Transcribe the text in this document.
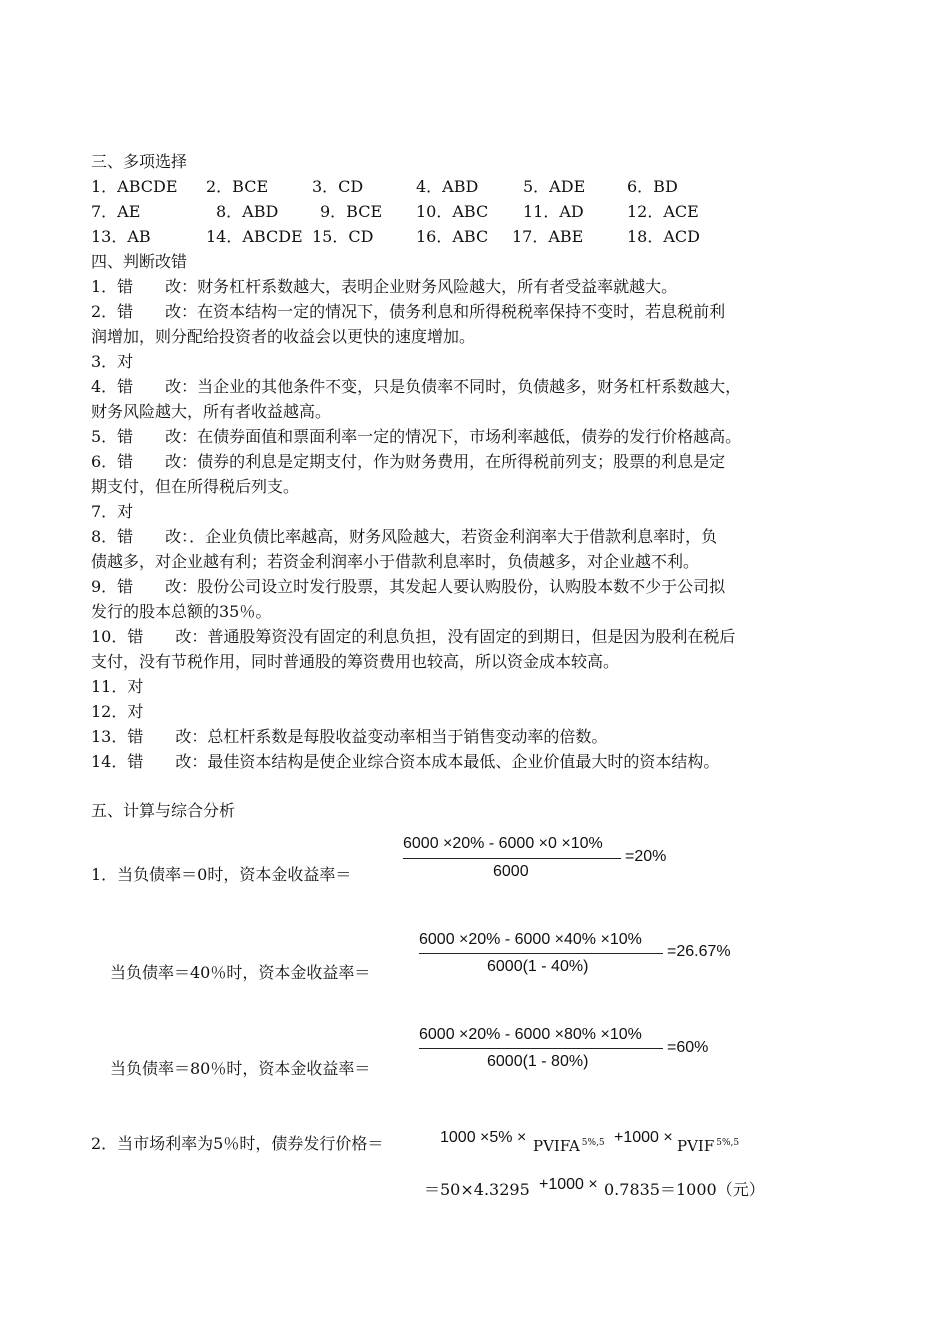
三、多项选择
1．ABCDE 2．BCE	3．CD	4．ABD	5．ADE	6．BD
7．AE	8．ABD	9．BCE 10．ABC 11．AD	12．ACE
13．AB	14．ABCDE 15．CD	16．ABC 17．ABE	18．ACD
四、判断改错
1．错　　改：财务杠杆系数越大，表明企业财务风险越大，所有者受益率就越大。
2．错　　改：在资本结构一定的情况下，债务利息和所得税税率保持不变时，若息税前利
润增加，则分配给投资者的收益会以更快的速度增加。
3．对
4．错　　改：当企业的其他条件不变，只是负债率不同时，负债越多，财务杠杆系数越大，
财务风险越大，所有者收益越高。
5．错　　改：在债券面值和票面利率一定的情况下，市场利率越低，债券的发行价格越高。
6．错　　改：债券的利息是定期支付，作为财务费用，在所得税前列支；股票的利息是定
期支付，但在所得税后列支。
7．对
8．错　　改：．企业负债比率越高，财务风险越大，若资金利润率大于借款利息率时，负
债越多，对企业越有利；若资金利润率小于借款利息率时，负债越多，对企业越不利。
9．错　　改：股份公司设立时发行股票，其发起人要认购股份，认购股本数不少于公司拟
发行的股本总额的35％。
10．错　　改：普通股筹资没有固定的利息负担，没有固定的到期日，但是因为股利在税后
支付，没有节税作用，同时普通股的筹资费用也较高，所以资金成本较高。
11．对
12．对
13．错　　改：总杠杆系数是每股收益变动率相当于销售变动率的倍数。
14．错　　改：最佳资本结构是使企业综合资本成本最低、企业价值最大时的资本结构。
五、计算与综合分析
1．当负债率＝0时，资本金收益率＝
6000 ×20% - 6000 ×0 ×10%
6000
=20%
当负债率＝40％时，资本金收益率＝
6000 ×20% - 6000 ×40% ×10%
6000(1 - 40%)
=26.67%
当负债率＝80％时，资本金收益率＝
6000 ×20% - 6000 ×80% ×10%
6000(1 - 80%)
=60%
2．当市场利率为5％时，债券发行价格＝	1000 ×5% × PVIFA $^{5\%,5}$ +1000 × PVIF $^{5\%,5}$
＝50×4.3295 +1000 × 0.7835＝1000（元）
